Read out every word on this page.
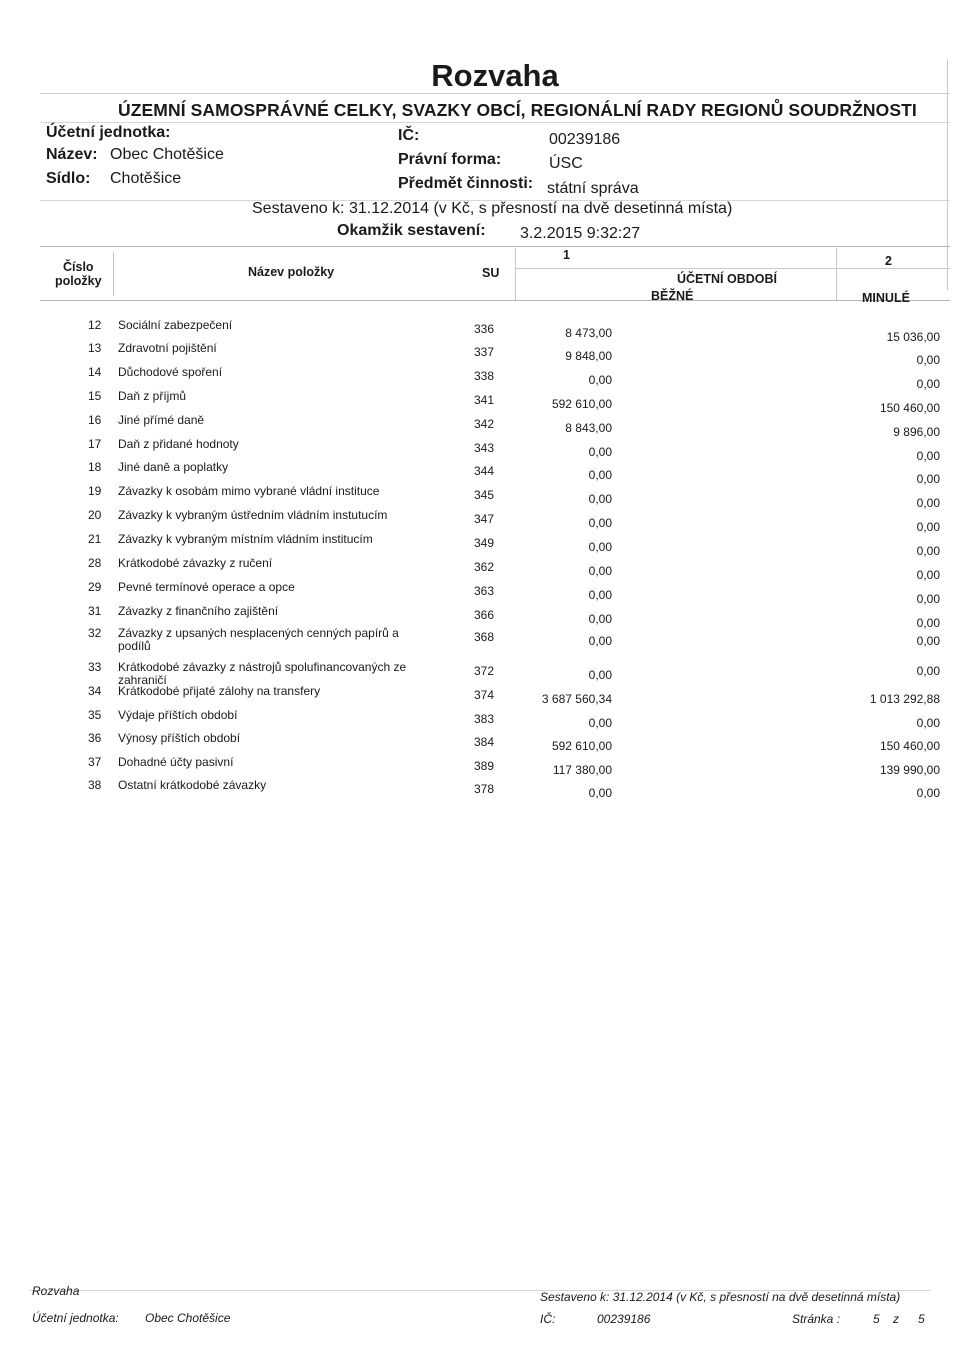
Rozvaha
ÚZEMNÍ SAMOSPRÁVNÉ CELKY, SVAZKY OBCÍ, REGIONÁLNÍ RADY REGIONŮ SOUDRŽNOSTI
Účetní jednotka:
Název: Obec Chotěšice
Sídlo: Chotěšice
IČ:	00239186
Právní forma:	ÚSC
Předmět činnosti: státní správa
Sestaveno k: 31.12.2014 (v Kč, s přesností na dvě desetinná místa)
Okamžik sestavení: 3.2.2015 9:32:27
Číslo
položky
Název položky	SU
1	2
ÚČETNÍ OBDOBÍ
BĚŽNÉ	MINULÉ
12 Sociální zabezpečení	336	8 473,00	15 036,00
13 Zdravotní pojištění	337	9 848,00	0,00
14 Důchodové spoření	338	0,00	0,00
15 Daň z příjmů	341	592 610,00	150 460,00
16 Jiné přímé daně	342	8 843,00	9 896,00
17 Daň z přidané hodnoty	343	0,00	0,00
18 Jiné daně a poplatky	344	0,00	0,00
19 Závazky k osobám mimo vybrané vládní instituce	345	0,00	0,00
20 Závazky k vybraným ústředním vládním instutucím	347	0,00	0,00
21 Závazky k vybraným místním vládním institucím	349	0,00	0,00
28 Krátkodobé závazky z ručení	362	0,00	0,00
29 Pevné termínové operace a opce	363	0,00	0,00
31 Závazky z finančního zajištění	366	0,00	0,00
32 Závazky z upsaných nesplacených cenných papírů a
podílů
368	0,00	0,00
33 Krátkodobé závazky z nástrojů spolufinancovaných ze
zahraničí
372	0,00	0,00
34 Krátkodobé přijaté zálohy na transfery	374	3 687 560,34	1 013 292,88
35 Výdaje příštích období	383	0,00	0,00
36 Výnosy příštích období	384	592 610,00	150 460,00
37 Dohadné účty pasivní	389	117 380,00	139 990,00
38 Ostatní krátkodobé závazky	378	0,00	0,00
Rozvaha
Účetní jednotka: Obec Chotěšice
Sestaveno k: 31.12.2014 (v Kč, s přesností na dvě desetinná místa)
IČ:	00239186	Stránka :	5 z 5
